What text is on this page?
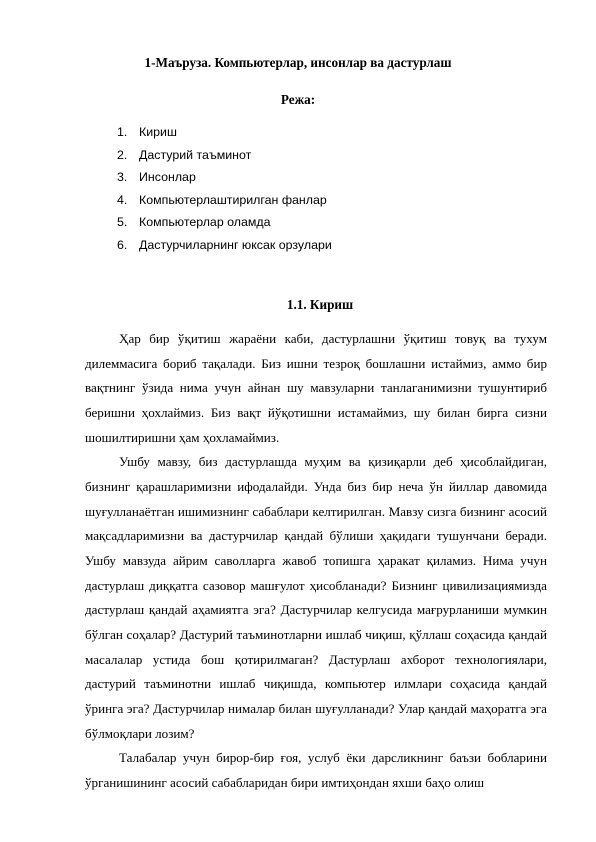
1-Маъруза. Компьютерлар, инсонлар ва дастурлаш
Режа:
1. Кириш
2. Дастурий таъминот
3. Инсонлар
4. Компьютерлаштирилган фанлар
5. Компьютерлар оламда
6. Дастурчиларнинг юксак орзулари
1.1. Кириш

Ҳар бир ўқитиш жараёни каби, дастурлашни ўқитиш товуқ ва тухум дилеммасига бориб тақалади. Биз ишни тезроқ бошлашни истаймиз, аммо бир вақтнинг ўзида нима учун айнан шу мавзуларни танлаганимизни тушунтириб беришни ҳохлаймиз. Биз вақт йўқотишни истамаймиз, шу билан бирга сизни шошилтиришни ҳам ҳохламаймиз.

Ушбу мавзу, биз дастурлашда муҳим ва қизиқарли деб ҳисоблайдиган, бизнинг қарашларимизни ифодалайди. Унда биз бир неча ўн йиллар давомида шуғулланаётган ишимизнинг сабаблари келтирилган. Мавзу сизга бизнинг асосий мақсадларимизни ва дастурчилар қандай бўлиши ҳақидаги тушунчани беради. Ушбу мавзуда айрим саволларга жавоб топишга ҳаракат қиламиз. Нима учун дастурлаш диққатга сазовор машғулот ҳисобланади? Бизнинг цивилизациямизда дастурлаш қандай аҳамиятга эга? Дастурчилар келгусида мағрурланиши мумкин бўлган соҳалар? Дастурий таъминотларни ишлаб чиқиш, қўллаш соҳасида қандай масалалар устида бош қотирилмаган? Дастурлаш ахборот технологиялари, дастурий таъминотни ишлаб чиқишда, компьютер илмлари соҳасида қандай ўринга эга? Дастурчилар нималар билан шуғулланади? Улар қандай маҳоратга эга бўлмоқлари лозим?

Талабалар учун бирор-бир ғоя, услуб ёки дарсликнинг баъзи бобларини ўрганишининг асосий сабабларидан бири имтиҳондан яхши баҳо олиш
